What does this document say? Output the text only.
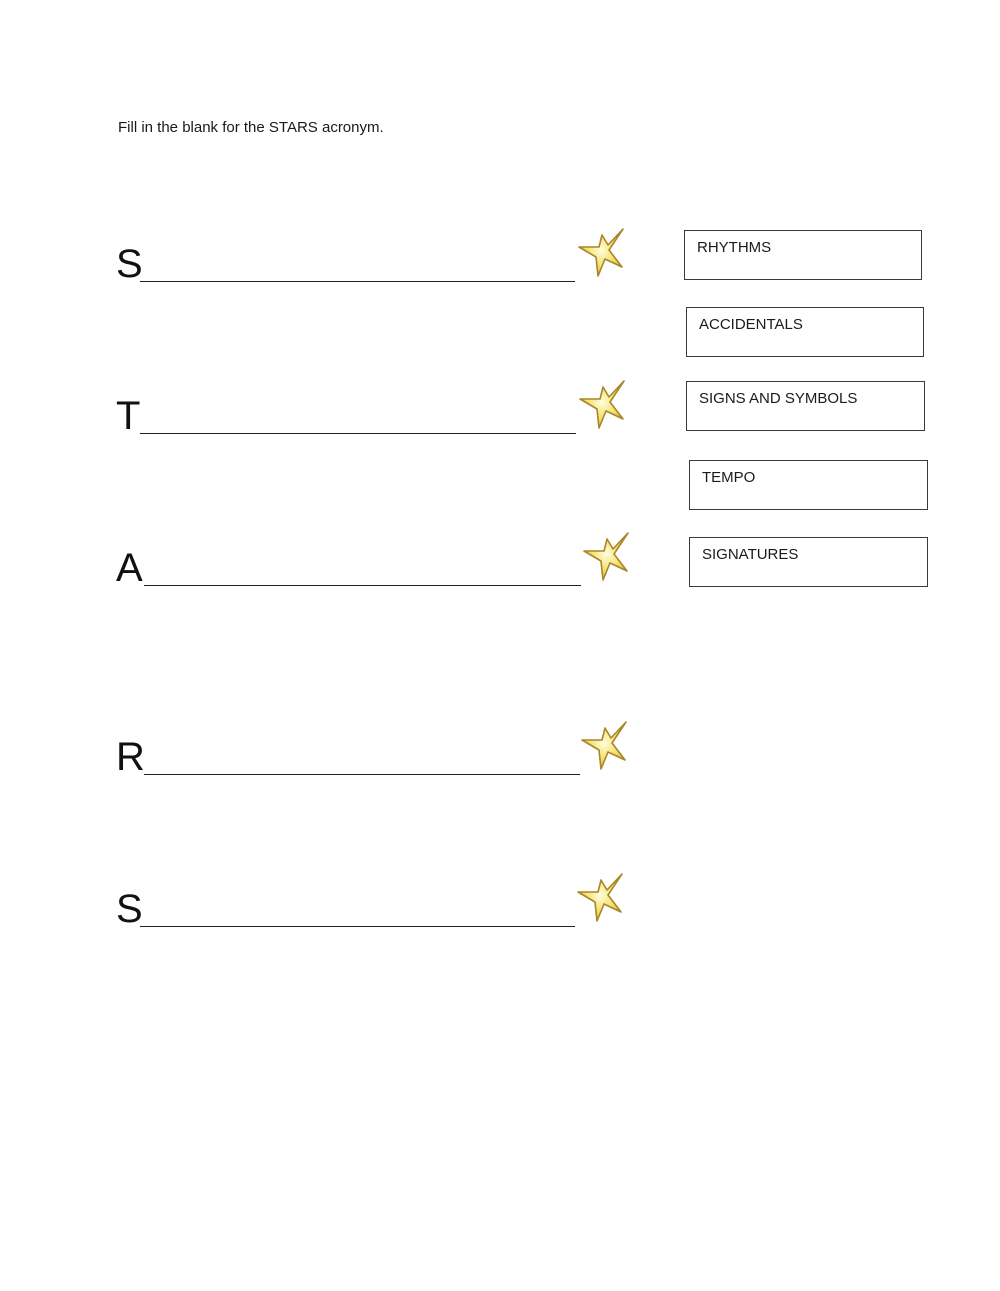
Fill in the blank for the STARS acronym.
S
T
A
R
S
RHYTHMS
ACCIDENTALS
SIGNS AND SYMBOLS
TEMPO
SIGNATURES
